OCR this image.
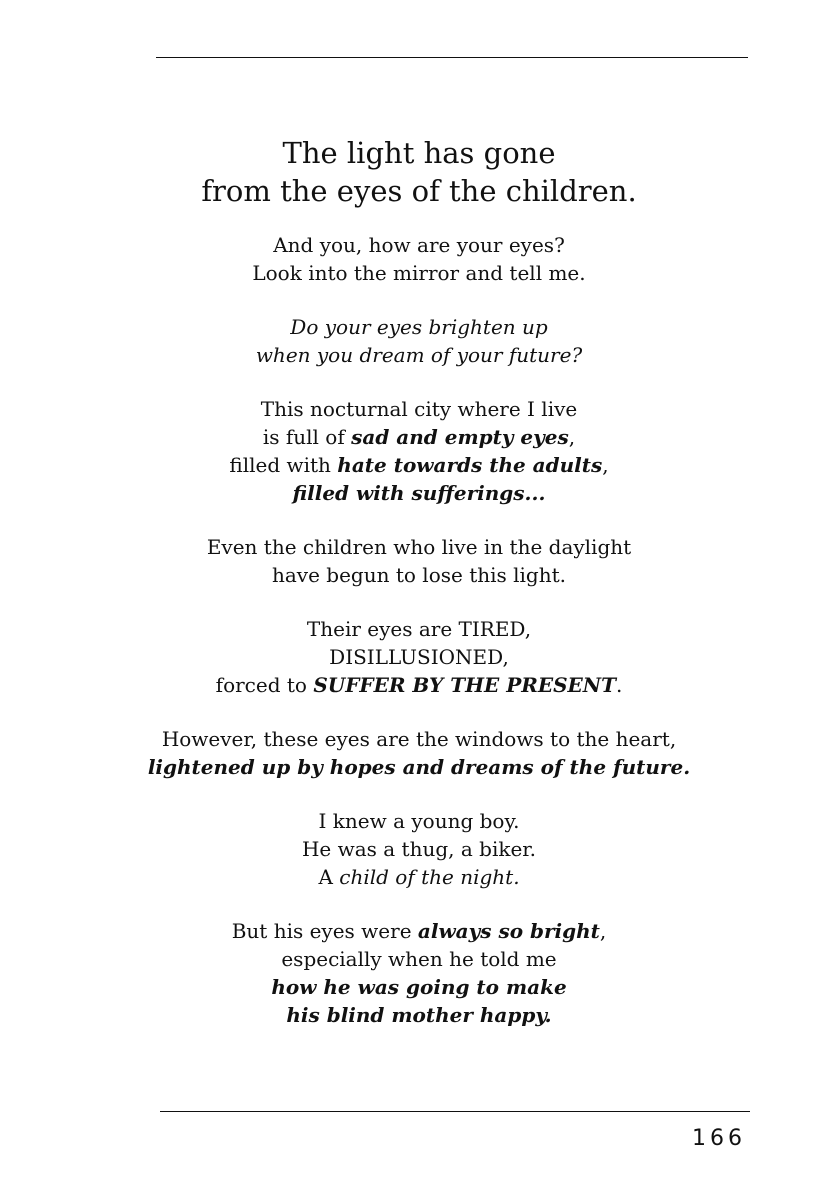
The light has gone
from the eyes of the children.

And you, how are your eyes?
Look into the mirror and tell me.

Do your eyes brighten up
when you dream of your future?

This nocturnal city where I live
is full of sad and empty eyes,
filled with hate towards the adults,
filled with sufferings...

Even the children who live in the daylight
have begun to lose this light.

Their eyes are TIRED,
DISILLUSIONED,
forced to SUFFER BY THE PRESENT.

However, these eyes are the windows to the heart,
lightened up by hopes and dreams of the future.

I knew a young boy.
He was a thug, a biker.
A child of the night.

But his eyes were always so bright,
especially when he told me
how he was going to make
his blind mother happy.

166
